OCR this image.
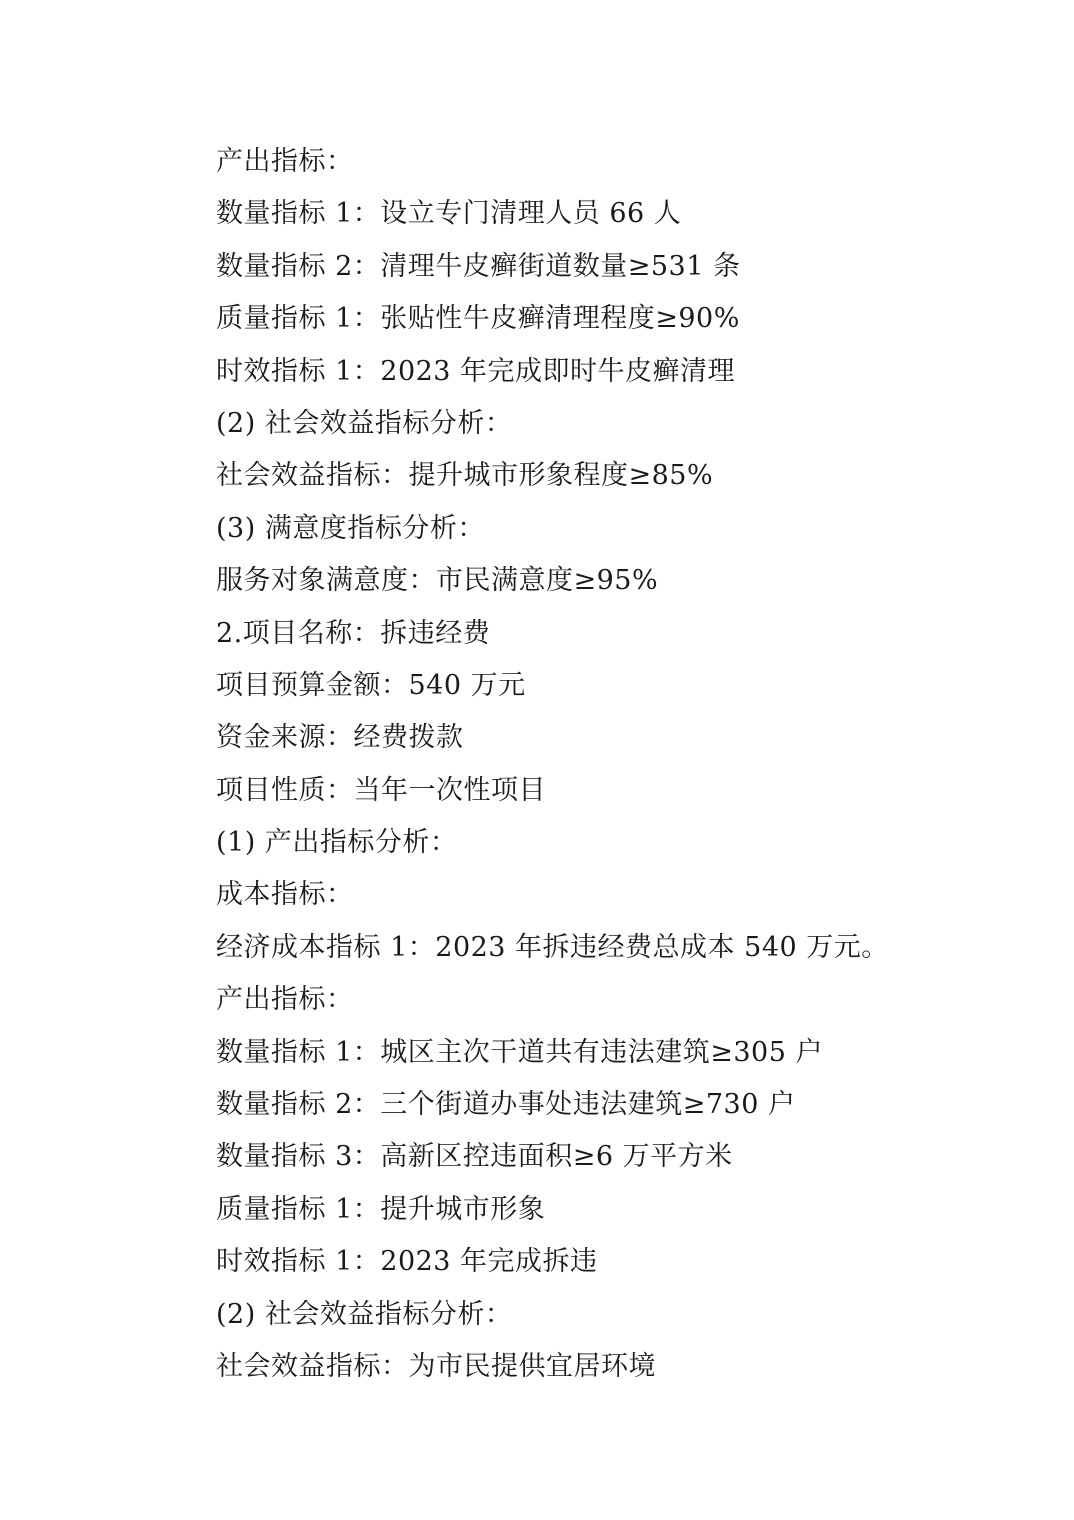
产出指标：
数量指标 1：设立专门清理人员 66 人
数量指标 2：清理牛皮癣街道数量≥531 条
质量指标 1：张贴性牛皮癣清理程度≥90%
时效指标 1：2023 年完成即时牛皮癣清理
(2) 社会效益指标分析：
社会效益指标：提升城市形象程度≥85%
(3) 满意度指标分析：
服务对象满意度：市民满意度≥95%
2.项目名称：拆违经费
项目预算金额：540 万元
资金来源：经费拨款
项目性质：当年一次性项目
(1) 产出指标分析：
成本指标：
经济成本指标 1：2023 年拆违经费总成本 540 万元。
产出指标：
数量指标 1：城区主次干道共有违法建筑≥305 户
数量指标 2：三个街道办事处违法建筑≥730 户
数量指标 3：高新区控违面积≥6 万平方米
质量指标 1：提升城市形象
时效指标 1：2023 年完成拆违
(2) 社会效益指标分析：
社会效益指标：为市民提供宜居环境
